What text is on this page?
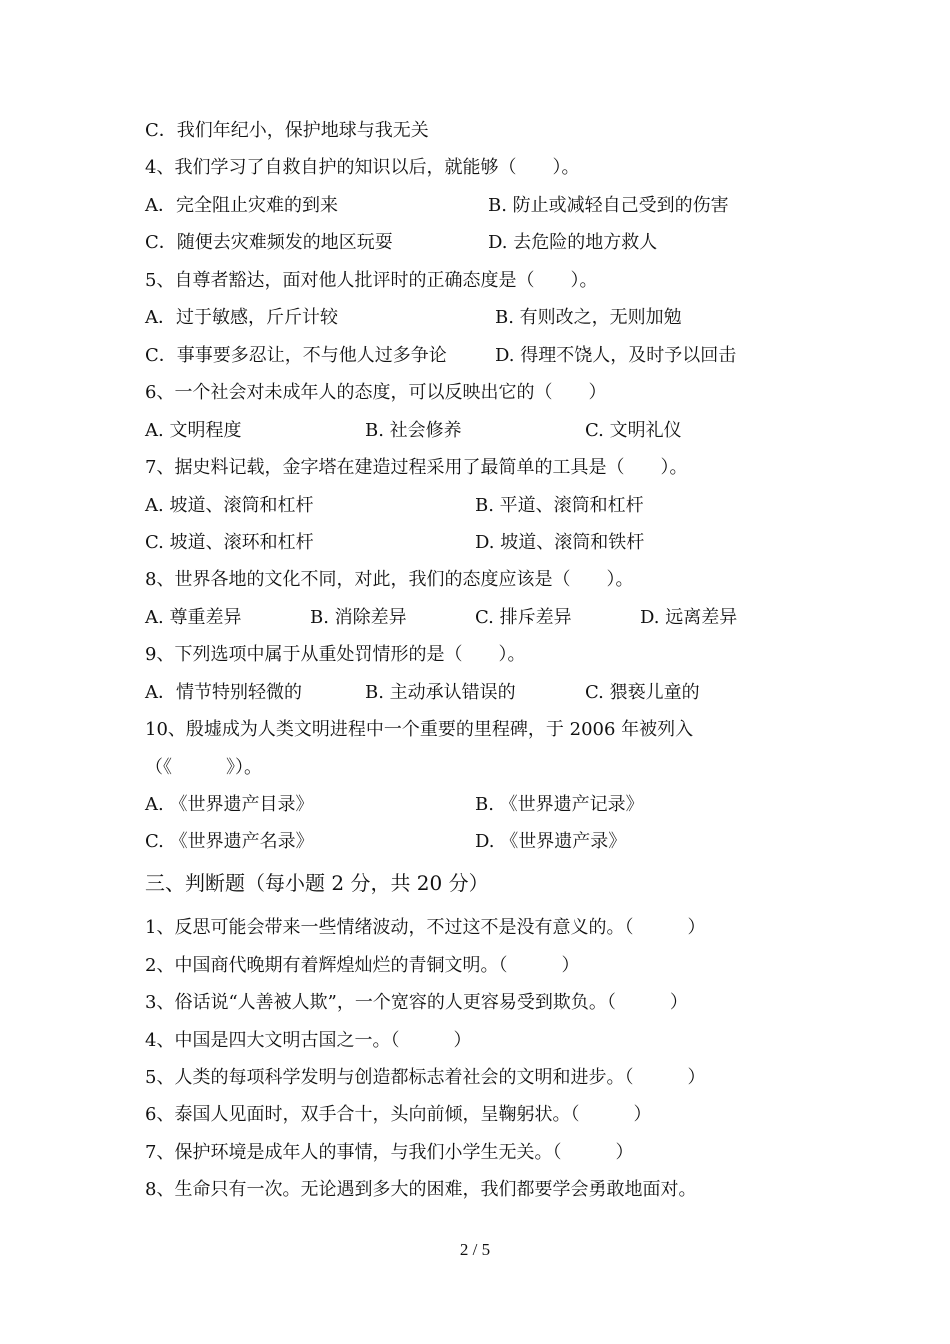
C．我们年纪小，保护地球与我无关
4、我们学习了自救自护的知识以后，就能够（　　）。

A．完全阻止灾难的到来

	B. 防止或减轻自己受到的伤害

C．随便去灾难频发的地区玩耍

	D. 去危险的地方救人

5、自尊者豁达，面对他人批评时的正确态度是（　　）。

A．过于敏感，斤斤计较

	B. 有则改之，无则加勉

C．事事要多忍让，不与他人过多争论

	D. 得理不饶人，及时予以回击

6、一个社会对未成年人的态度，可以反映出它的（　　）

A. 文明程度

	B. 社会修养

	C. 文明礼仪

7、据史料记载，金字塔在建造过程采用了最简单的工具是（　　）。

A. 坡道、滚筒和杠杆

	B. 平道、滚筒和杠杆

C. 坡道、滚环和杠杆

	D. 坡道、滚筒和铁杆

8、世界各地的文化不同，对此，我们的态度应该是（　　）。

A. 尊重差异

	B. 消除差异

	C. 排斥差异

	D. 远离差异

9、下列选项中属于从重处罚情形的是（　　）。

A．情节特别轻微的

	B. 主动承认错误的

	C. 猥亵儿童的

10、殷墟成为人类文明进程中一个重要的里程碑，于 2006 年被列入
（《　　　》）。

A. 《世界遗产目录》

	B. 《世界遗产记录》

C. 《世界遗产名录》

	D. 《世界遗产录》

三、判断题（每小题 2 分，共 20 分）
1、反思可能会带来一些情绪波动，不过这不是没有意义的。（　　　）
2、中国商代晚期有着辉煌灿烂的青铜文明。（　　　）
3、俗话说“人善被人欺”，一个宽容的人更容易受到欺负。（　　　）
4、中国是四大文明古国之一。（　　　）
5、人类的每项科学发明与创造都标志着社会的文明和进步。（　　　）
6、泰国人见面时，双手合十，头向前倾，呈鞠躬状。（　　　）
7、保护环境是成年人的事情，与我们小学生无关。（　　　）
8、生命只有一次。无论遇到多大的困难，我们都要学会勇敢地面对。
2 / 5
